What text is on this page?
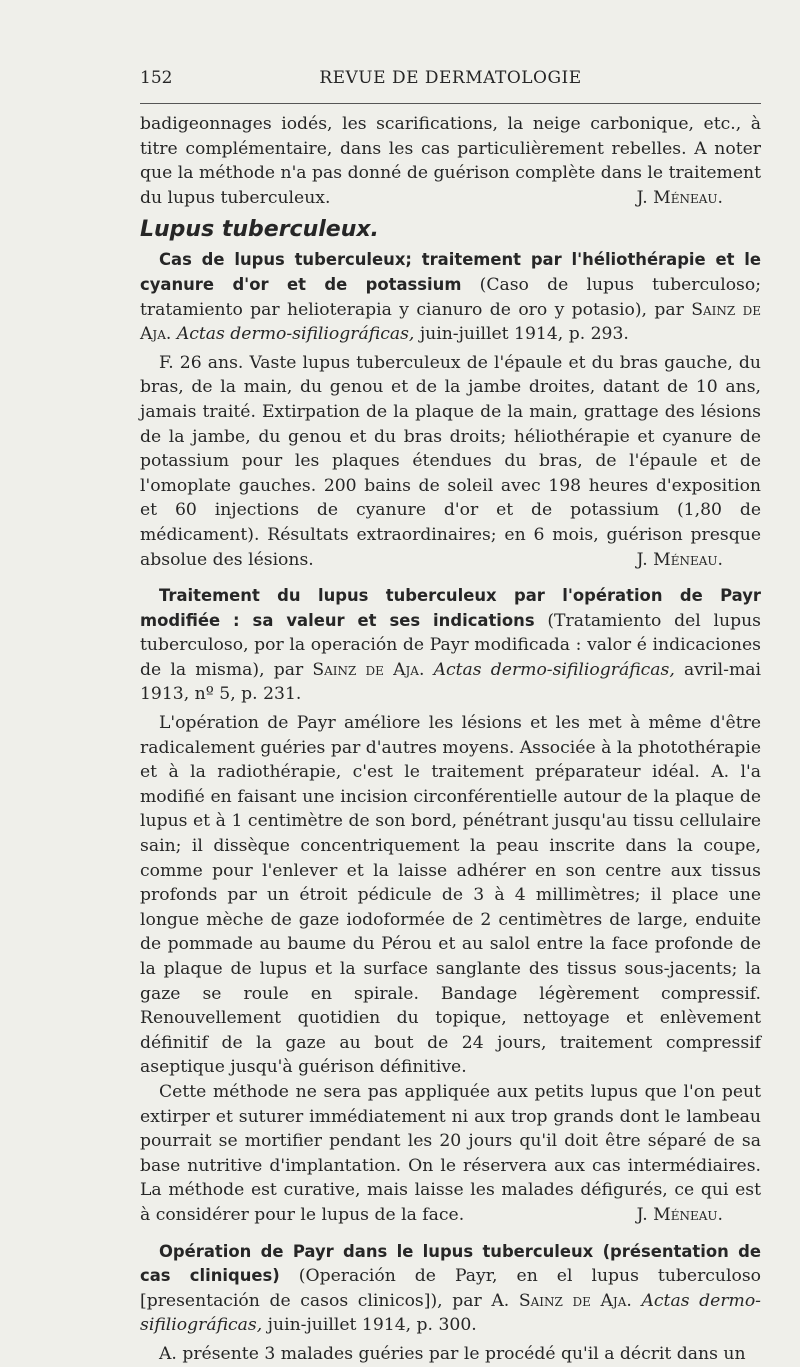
152	REVUE DE DERMATOLOGIE

badigeonnages iodés, les scarifications, la neige carbonique, etc., à titre complémentaire, dans les cas particulièrement rebelles. A noter que la méthode n'a pas donné de guérison complète dans le traitement du lupus tuberculeux.	J. Méneau.

Lupus tuberculeux.

Cas de lupus tuberculeux; traitement par l'héliothérapie et le cyanure d'or et de potassium (Caso de lupus tuberculoso; tratamiento par helioterapia y cianuro de oro y potasio), par Sainz de Aja. Actas dermo-sifiliográficas, juin-juillet 1914, p. 293.

F. 26 ans. Vaste lupus tuberculeux de l'épaule et du bras gauche, du bras, de la main, du genou et de la jambe droites, datant de 10 ans, jamais traité. Extirpation de la plaque de la main, grattage des lésions de la jambe, du genou et du bras droits; héliothérapie et cyanure de potassium pour les plaques étendues du bras, de l'épaule et de l'omoplate gauches. 200 bains de soleil avec 198 heures d'exposition et 60 injections de cyanure d'or et de potassium (1,80 de médicament). Résultats extraordinaires; en 6 mois, guérison presque absolue des lésions.	J. Méneau.

Traitement du lupus tuberculeux par l'opération de Payr modifiée : sa valeur et ses indications (Tratamiento del lupus tuberculoso, por la operación de Payr modificada : valor é indicaciones de la misma), par Sainz de Aja. Actas dermo-sifiliográficas, avril-mai 1913, nº 5, p. 231.

L'opération de Payr améliore les lésions et les met à même d'être radicalement guéries par d'autres moyens. Associée à la photothérapie et à la radiothérapie, c'est le traitement préparateur idéal. A. l'a modifié en faisant une incision circonférentielle autour de la plaque de lupus et à 1 centimètre de son bord, pénétrant jusqu'au tissu cellulaire sain; il dissèque concentriquement la peau inscrite dans la coupe, comme pour l'enlever et la laisse adhérer en son centre aux tissus profonds par un étroit pédicule de 3 à 4 millimètres; il place une longue mèche de gaze iodoformée de 2 centimètres de large, enduite de pommade au baume du Pérou et au salol entre la face profonde de la plaque de lupus et la surface sanglante des tissus sous-jacents; la gaze se roule en spirale. Bandage légèrement compressif. Renouvellement quotidien du topique, nettoyage et enlèvement définitif de la gaze au bout de 24 jours, traitement compressif aseptique jusqu'à guérison définitive.

Cette méthode ne sera pas appliquée aux petits lupus que l'on peut extirper et suturer immédiatement ni aux trop grands dont le lambeau pourrait se mortifier pendant les 20 jours qu'il doit être séparé de sa base nutritive d'implantation. On le réservera aux cas intermédiaires. La méthode est curative, mais laisse les malades défigurés, ce qui est à considérer pour le lupus de la face.	J. Méneau.

Opération de Payr dans le lupus tuberculeux (présentation de cas cliniques) (Operación de Payr, en el lupus tuberculoso [presentación de casos clinicos]), par A. Sainz de Aja. Actas dermo-sifiliográficas, juin-juillet 1914, p. 300.

A. présente 3 malades guéries par le procédé qu'il a décrit dans un
